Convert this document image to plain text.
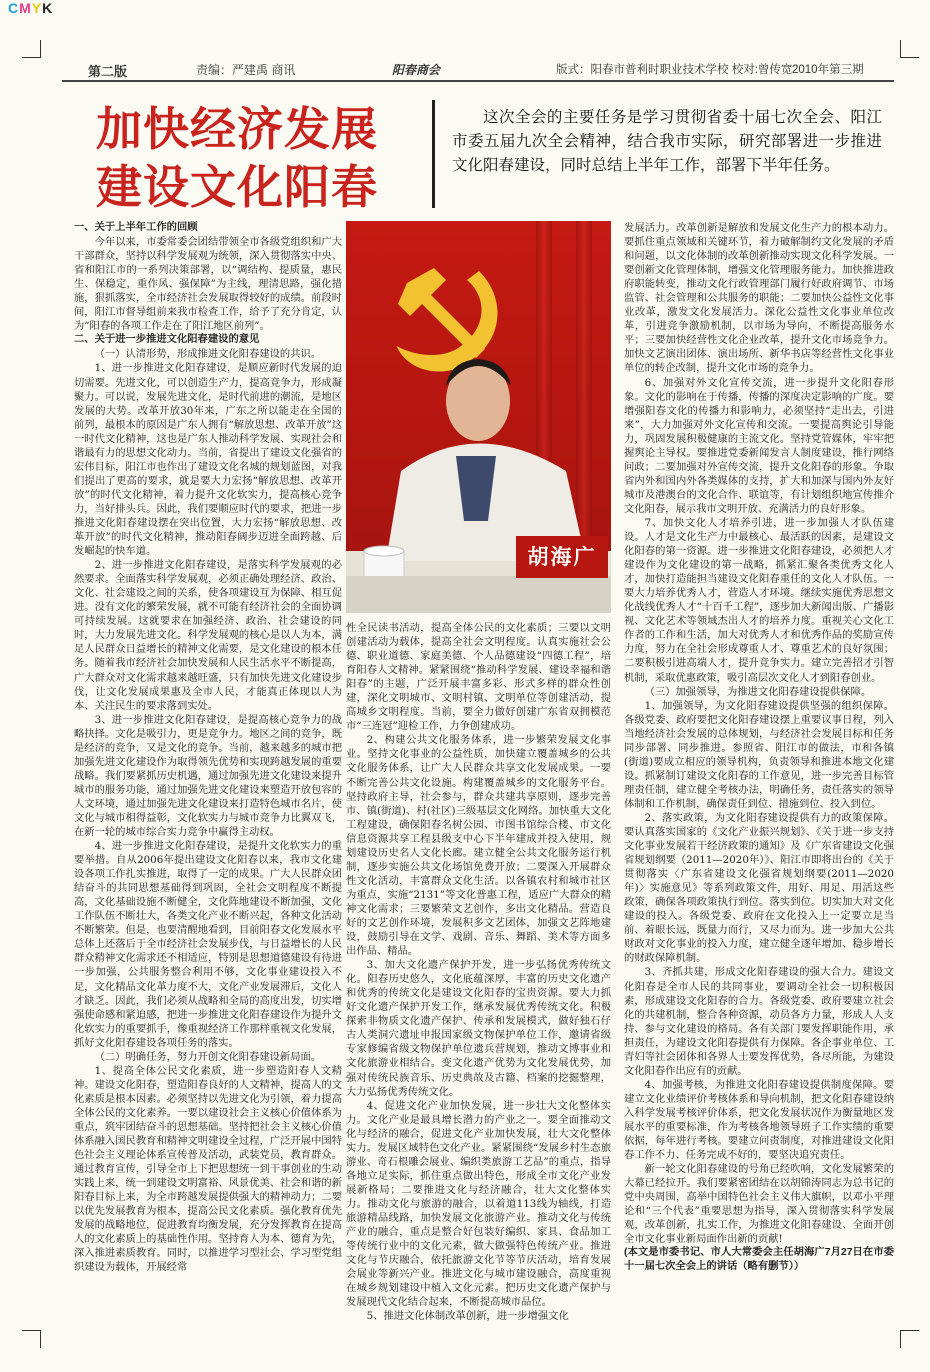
CMYK
第二版	责编：严建禹 商讯	阳春商会	版式：阳春市普利时职业技术学校 校对:曾传宽 2010年第三期
加快经济发展
建设文化阳春
这次全会的主要任务是学习贯彻省委十届七次全会、阳江市委五届九次全会精神，结合我市实际，研究部署进一步推进文化阳春建设，同时总结上半年工作，部署下半年任务。
一、关于上半年工作的回顾

今年以来，市委常委会团结带领全市各级党组织和广大干部群众，坚持以科学发展观为统领，深入贯彻落实中央、省和阳江市的一系列决策部署，以“调结构、提质量，惠民生、保稳定，重作风、强保障”为主线，理清思路，强化措施，狠抓落实，全市经济社会发展取得较好的成绩。前段时间，阳江市督导组前来我市检查工作，给予了充分肯定，认为“阳春的各项工作走在了阳江地区前列”。

二、关于进一步推进文化阳春建设的意见

（一）认清形势，形成推进文化阳春建设的共识。

1、进一步推进文化阳春建设，是顺应新时代发展的迫切需要。先进文化，可以创造生产力，提高竞争力，形成凝聚力。可以说，发展先进文化，是时代前进的潮流，是地区发展的大势。改革开放30年来，广东之所以能走在全国的前列，最根本的原因是广东人拥有“解放思想、改革开放”这一时代文化精神，这也是广东人推动科学发展、实现社会和谐最有力的思想文化动力。当前，省提出了建设文化强省的宏伟目标，阳江市也作出了建设文化名城的规划蓝图，对我们提出了更高的要求，就是要大力宏扬“解放思想、改革开放”的时代文化精神，着力提升文化软实力，提高核心竞争力，当好排头兵。因此，我们要顺应时代的要求，把进一步推进文化阳春建设摆在突出位置，大力宏扬“解放思想、改革开放”的时代文化精神，推动阳春阔步迈进全面跨越、后发崛起的快车道。

2、进一步推进文化阳春建设，是落实科学发展观的必然要求。全面落实科学发展观，必须正确处理经济、政治、文化、社会建设之间的关系，使各项建设互为保障、相互促进。没有文化的繁荣发展，就不可能有经济社会的全面协调可持续发展。这就要求在加强经济、政治、社会建设的同时，大力发展先进文化。科学发展观的核心是以人为本，满足人民群众日益增长的精神文化需要，是文化建设的根本任务。随着我市经济社会加快发展和人民生活水平不断提高，广大群众对文化需求越来越旺盛，只有加快先进文化建设步伐，让文化发展成果惠及全市人民，才能真正体现以人为本、关注民生的要求落到实处。

3、进一步推进文化阳春建设，是提高核心竞争力的战略抉择。文化是吸引力，更是竞争力。地区之间的竞争，既是经济的竞争，又是文化的竞争。当前，越来越多的城市把加强先进文化建设作为取得领先优势和实现跨越发展的重要战略。我们要紧抓历史机遇，通过加强先进文化建设来提升城市的服务功能，通过加强先进文化建设来塑造开放包容的人文环境，通过加强先进文化建设来打造特色城市名片，使文化与城市相得益彰，文化软实力与城市竞争力比翼双飞，在新一轮的城市综合实力竞争中赢得主动权。

4、进一步推进文化阳春建设，是提升文化软实力的重要举措。自从2006年提出建设文化阳春以来，我市文化建设各项工作扎实推进，取得了一定的成果。广大人民群众团结奋斗的共同思想基础得到巩固，全社会文明程度不断提高，文化基础设施不断健全，文化阵地建设不断加强，文化工作队伍不断壮大，各类文化产业不断兴起，各种文化活动不断繁荣。但是，也要清醒地看到，目前阳春文化发展水平总体上还落后于全市经济社会发展步伐，与日益增长的人民群众精神文化需求还不相适应，特别是思想道德建设有待进一步加强，公共服务整合利用不够，文化事业建设投入不足，文化精品文化革力度不大，文化产业发展滞后，文化人才缺乏。因此，我们必须从战略和全局的高度出发，切实增强使命感和紧迫感，把进一步推进文化阳春建设作为提升文化软实力的重要抓手，像重视经济工作那样重视文化发展，抓好文化阳春建设各项任务的落实。

（二）明确任务，努力开创文化阳春建设新局面。

1、提高全体公民文化素质，进一步塑造阳春人文精神。建设文化阳春，塑造阳春良好的人文精神，提高人的文化素质是根本因素。必须坚持以先进文化为引领，着力提高全体公民的文化素养。一要以建设社会主义核心价值体系为重点，筑牢团结奋斗的思想基础。坚持把社会主义核心价值体系融入国民教育和精神文明建设全过程，广泛开展中国特色社会主义理论体系宣传普及活动，武装党员，教育群众。通过教育宣传，引导全市上下把思想统一到干事创业的生动实践上来，统一到建设文明富裕、风景优美、社会和谐的新阳春目标上来，为全市跨越发展提供强大的精神动力；二要以优先发展教育为根本，提高公民文化素质。强化教育优先发展的战略地位，促进教育均衡发展，充分发挥教育在提高人的文化素质上的基础性作用。坚持育人为本、德育为先，深入推进素质教育。同时，以推进学习型社会、学习型党组织建设为载体，开展经常

胡海广

性全民读书活动，提高全体公民的文化素质；三要以文明创建活动为载体，提高全社会文明程度。认真实施社会公德、职业道德、家庭美德、个人品德建设“四德工程”，培育阳春人文精神。紧紧围绕“推动科学发展、建设幸福和谐阳春”的主题，广泛开展丰富多彩、形式多样的群众性创建，深化文明城市、文明村镇、文明单位等创建活动，提高城乡文明程度。当前，要全力做好创建广东省双拥模范市“三连冠”迎检工作，力争创建成功。

2、构建公共文化服务体系，进一步繁荣发展文化事业。坚持文化事业的公益性质，加快建立覆盖城乡的公共文化服务体系，让广大人民群众共享文化发展成果。一要不断完善公共文化设施。构建覆盖城乡的文化服务平台。坚持政府主导，社会参与，群众共建共享原则，逐步完善市、镇(街道)、村(社区)三级基层文化网络。加快重大文化工程建设，确保阳春名树公园、市图书馆综合楼、市文化信息资源共享工程县级支中心下半年建成并投入使用，规划建设历史名人文化长廊。建立健全公共文化服务运行机制，逐步实施公共文化场馆免费开放；二要深入开展群众性文化活动，丰富群众文化生活。以各镇农村和城市社区为重点，实施“2131”等文化普惠工程，适应广大群众的精神文化需求；三要繁荣文艺创作，多出文化精品。营造良好的文艺创作环境，发展积多文艺团体，加强文艺阵地建设，鼓励引导在文学、戏剧、音乐、舞蹈、美术等方面多出作品、精品。

3、加大文化遗产保护开发，进一步弘扬优秀传统文化。阳春历史悠久，文化底蕴深厚，丰富的历史文化遗产和优秀的传统文化是建设文化阳春的宝贵资源。要大力抓好文化遗产保护开发工作，继承发展优秀传统文化。积极探索非物质文化遗产保护、传承和发展模式，做好独石仔古人类洞穴遗址申报国家级文物保护单位工作，邀请省级专家修编省级文物保护单位遗兵营规划，推动文博事业和文化旅游业相结合。变文化遗产优势为文化发展优势，加强对传统民族音乐、历史典故及古籍、档案的挖掘整理，大力弘扬优秀传统文化。

4、促进文化产业加快发展，进一步壮大文化整体实力。文化产业是最具增长潜力的产业之一。要全面推动文化与经济的融合，促进文化产业加快发展，壮大文化整体实力。发展区域特色文化产业。紧紧围绕“发展乡村生态旅游业、奇石根雕会展业、编织类旅游工艺品”的重点，指导各地立足实际，抓住重点做出特色，形成全市文化产业发展新格局；二要推进文化与经济融合，壮大文化整体实力。推动文化与旅游的融合，以着道113线为轴线，打造旅游精品线路，加快发展文化旅游产业。推动文化与传统产业的融合，重点是整合好包装好编织、家具、食品加工等传统行业中的文化元素，做大做强特色传统产业。推进文化与节庆融合，依托旅游文化节等节庆活动，培育发展会展业等新兴产业。推进文化与城市建设融合，高度重视在城乡规划建设中植入文化元素。把历史文化遗产保护与发展现代文化结合起来，不断提高城市品位。

5、推进文化体制改革创新，进一步增强文化

发展活力。改革创新是解放和发展文化生产力的根本动力。要抓住重点领域和关键环节，着力破解制约文化发展的矛盾和问题，以文化体制的改革创新推动实现文化科学发展。一要创新文化管理体制，增强文化管理服务能力。加快推进政府职能转变，推动文化行政管理部门履行好政府调节、市场监管、社会管理和公共服务的职能；二要加快公益性文化事业改革，激发文化发展活力。深化公益性文化事业单位改革，引进竞争激励机制，以市场为导向，不断提高服务水平；三要加快经营性文化企业改革，提升文化市场竞争力。加快文艺演出团体、演出场所、新华书店等经营性文化事业单位的转企改制，提升文化市场的竞争力。

6、加强对外文化宣传交流，进一步提升文化阳春形象。文化的影响在于传播，传播的深度决定影响的广度。要增强阳春文化的传播力和影响力，必须坚持“走出去，引进来”，大力加强对外文化宣传和交流。一要提高舆论引导能力，巩固发展积极健康的主流文化。坚持党管媒体，牢牢把握舆论主导权。要推进党委新闻发言人制度建设，推行网络问政；二要加强对外宣传交流，提升文化阳春的形象。争取省内外和国内外各类媒体的支持，扩大和加深与国内外友好城市及港澳台的文化合作、联谊等，有计划组织地宣传推介文化阳春，展示我市文明开放、充满活力的良好形象。

7、加快文化人才培养引进，进一步加强人才队伍建设。人才是文化生产力中最核心、最活跃的因素，是建设文化阳春的第一资源。进一步推进文化阳春建设，必须把人才建设作为文化建设的第一战略，抓紧汇聚各类优秀文化人才，加快打造能担当建设文化阳春重任的文化人才队伍。一要大力培养优秀人才，营造人才环境。继续实施优秀思想文化战线优秀人才“十百千工程”，逐步加大新闻出版、广播影视、文化艺术等领域杰出人才的培养力度。重视关心文化工作者的工作和生活，加大对优秀人才和优秀作品的奖励宣传力度，努力在全社会形成尊重人才、尊重艺术的良好氛围；二要积极引进高端人才，提升竞争实力。建立完善招才引智机制，采取优惠政策，吸引高层次文化人才到阳春创业。

（三）加强领导，为推进文化阳春建设提供保障。

1、加强领导，为文化阳春建设提供坚强的组织保障。各级党委、政府要把文化阳春建设摆上重要议事日程，列入当地经济社会发展的总体规划，与经济社会发展目标和任务同步部署、同步推进。参照省、阳江市的做法，市和各镇(街道)要成立相应的领导机构，负责领导和推进本地文化建设。抓紧制订建设文化阳春的工作意见，进一步完善目标管理责任制，建立健全考核办法，明确任务，责任落实的领导体制和工作机制，确保责任到位、措施到位、投入到位。

2、落实政策，为文化阳春建设提供有力的政策保障。要认真落实国家的《文化产业振兴规划》、《关于进一步支持文化事业发展若干经济政策的通知》及《广东省建设文化强省规划纲要（2011—2020年）》、阳江市即将出台的《关于贯彻落实〈广东省建设文化强省规划纲要(2011—2020年)〉实施意见》等系列政策文件，用好、用足、用活这些政策，确保各项政策执行到位。落实到位。切实加大对文化建设的投入。各级党委、政府在文化投入上一定要立足当前、着眼长远，既量力而行，又尽力而为。进一步加大公共财政对文化事业的投入力度，建立健全逐年增加、稳步增长的财政保障机制。

3、齐抓共建，形成文化阳春建设的强大合力。建设文化阳春是全市人民的共同事业，要调动全社会一切积极因素，形成建设文化阳春的合力。各级党委、政府要建立社会化的共建机制，整合各种资源，动员各方力量，形成人人支持、参与文化建设的格局。各有关部门要发挥职能作用，承担责任，为建设文化阳春提供有力保障。各企事业单位、工青妇等社会团体和各界人士要发挥优势，各尽所能，为建设文化阳春作出应有的贡献。

4、加强考核，为推进文化阳春建设提供制度保障。要建立文化业绩评价考核体系和导向机制，把文化阳春建设纳入科学发展考核评价体系，把文化发展状况作为衡量地区发展水平的重要标准，作为考核各地领导班子工作实绩的重要依据，每年进行考核。要建立问责制度，对推进建设文化阳春工作不力、任务完成不好的，要坚决追究责任。

新一轮文化阳春建设的号角已经吹响，文化发展繁荣的大幕已经拉开。我们要紧密团结在以胡锦涛同志为总书记的党中央周围，高举中国特色社会主义伟大旗帜，以邓小平理论和“三个代表”重要思想为指导，深入贯彻落实科学发展观，改革创新，扎实工作，为推进文化阳春建设、全面开创全市文化事业新局面作出新的贡献!

(本文是市委书记、市人大常委会主任胡海广7月27日在市委十一届七次全会上的讲话（略有删节））
